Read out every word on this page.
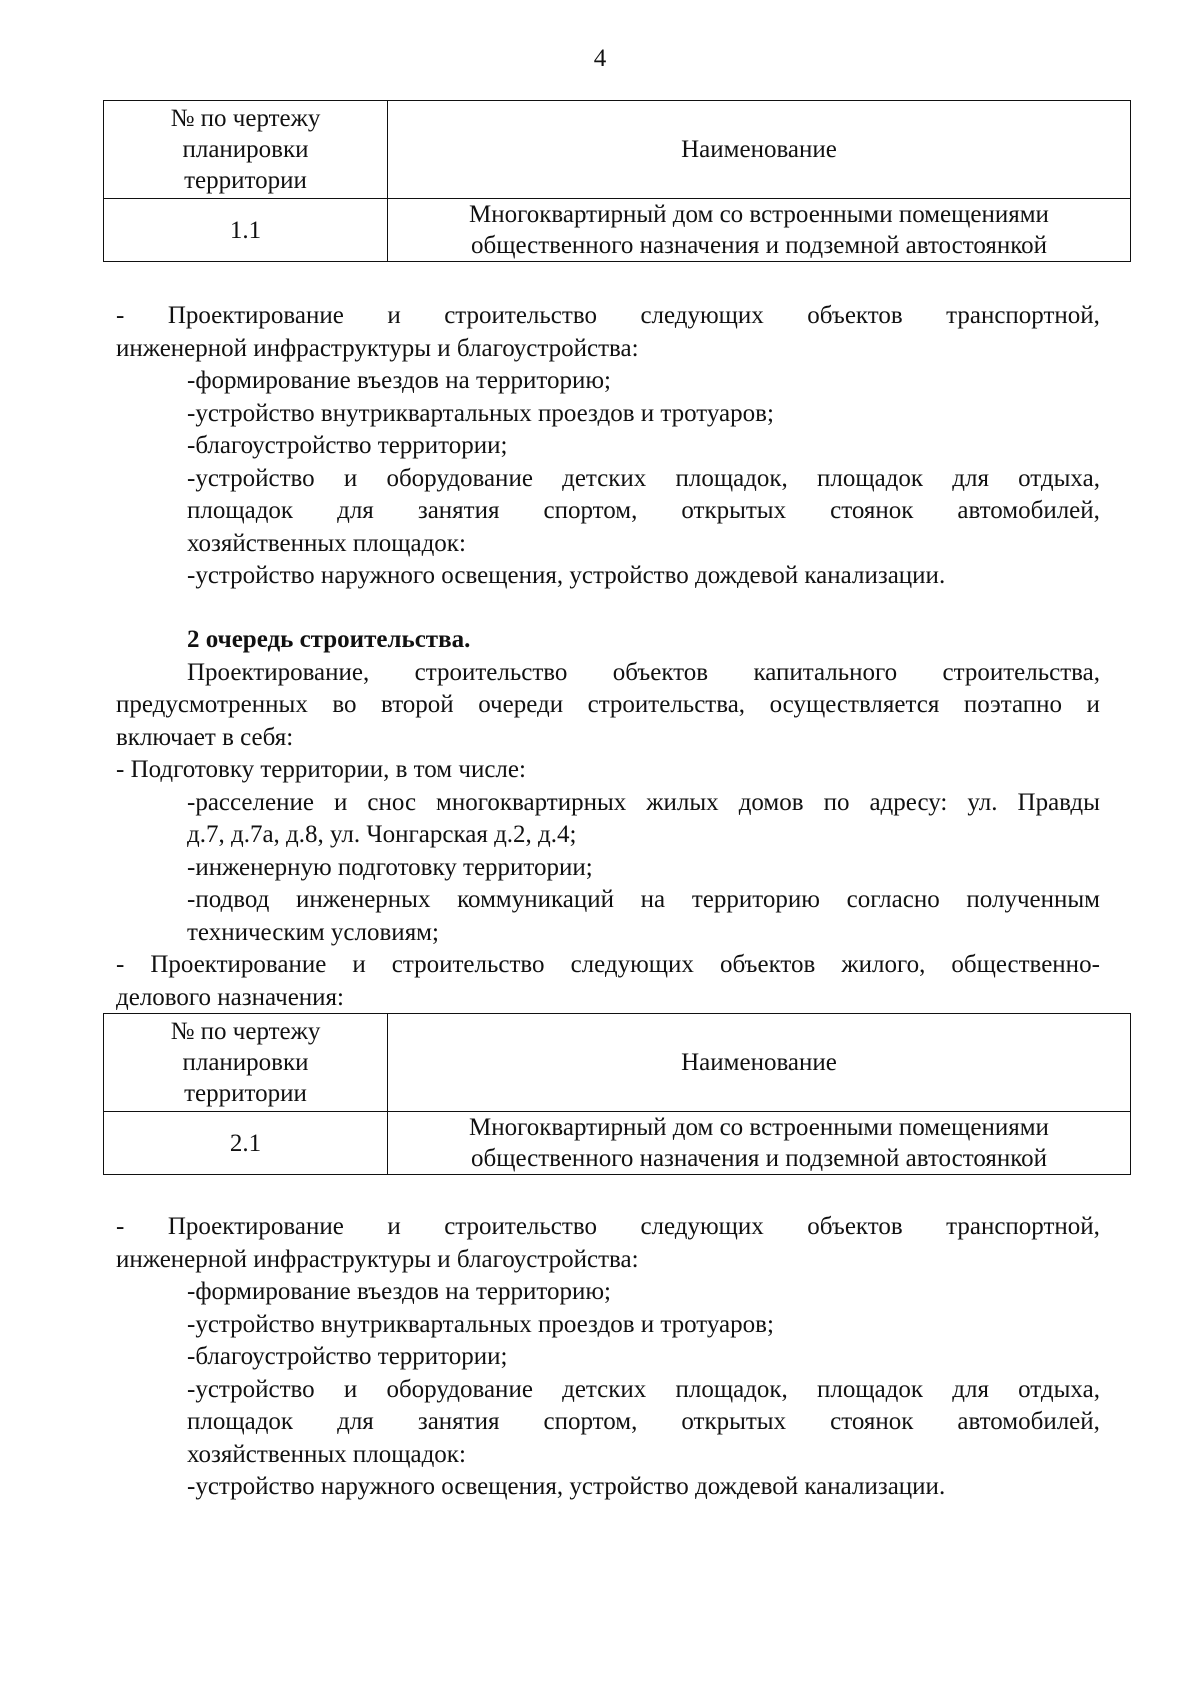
4
№ по чертежу
планировки
территории	Наименование
1.1	Многоквартирный дом со встроенными помещениями
общественного назначения и подземной автостоянкой
- Проектирование и строительство следующих объектов транспортной,
инженерной инфраструктуры и благоустройства:
-формирование въездов на территорию;
-устройство внутриквартальных проездов и тротуаров;
-благоустройство территории;
-устройство и оборудование детских площадок, площадок для отдыха,
площадок для занятия спортом, открытых стоянок автомобилей,
хозяйственных площадок:
-устройство наружного освещения, устройство дождевой канализации.
2 очередь строительства.
Проектирование, строительство объектов капитального строительства,
предусмотренных во второй очереди строительства, осуществляется поэтапно и
включает в себя:
- Подготовку территории, в том числе:
-расселение и снос многоквартирных жилых домов по адресу: ул. Правды
д.7, д.7а, д.8, ул. Чонгарская д.2, д.4;
-инженерную подготовку территории;
-подвод инженерных коммуникаций на территорию согласно полученным
техническим условиям;
- Проектирование и строительство следующих объектов жилого, общественно-
делового назначения:
№ по чертежу
планировки
территории	Наименование
2.1	Многоквартирный дом со встроенными помещениями
общественного назначения и подземной автостоянкой
- Проектирование и строительство следующих объектов транспортной,
инженерной инфраструктуры и благоустройства:
-формирование въездов на территорию;
-устройство внутриквартальных проездов и тротуаров;
-благоустройство территории;
-устройство и оборудование детских площадок, площадок для отдыха,
площадок для занятия спортом, открытых стоянок автомобилей,
хозяйственных площадок:
-устройство наружного освещения, устройство дождевой канализации.
